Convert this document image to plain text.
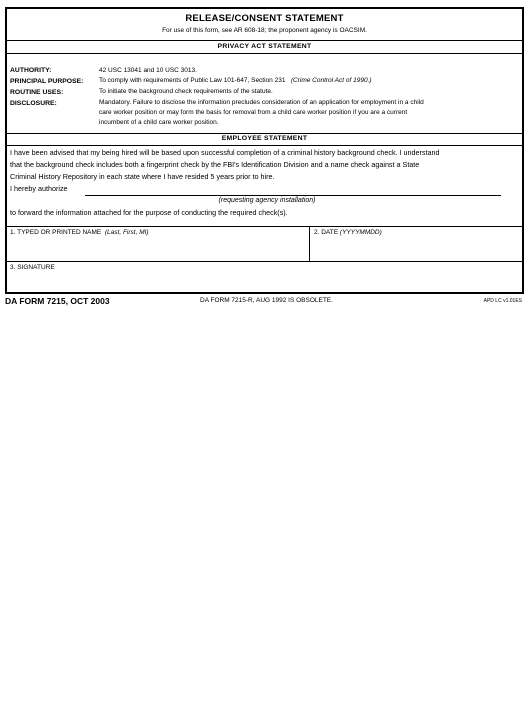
RELEASE/CONSENT STATEMENT
For use of this form, see AR 608-18; the proponent agency is OACSIM.
PRIVACY ACT STATEMENT
AUTHORITY:	42 USC 13041 and 10 USC 3013.
PRINCIPAL PURPOSE: To comply with requirements of Public Law 101-647, Section 231 (Crime Control Act of 1990.)
ROUTINE USES:	To initiate the background check requirements of the statute.
DISCLOSURE:	Mandatory. Failure to disclose the information precludes consideration of an application for employment in a child
care worker position or may form the basis for removal from a child care worker position if you are a current
incumbent of a child care worker position.
EMPLOYEE STATEMENT
I have been advised that my being hired will be based upon successful completion of a criminal history background check. I understand
that the background check includes both a fingerprint check by the FBI's Identification Division and a name check against a State
Criminal History Repository in each state where I have resided 5 years prior to hire.
I hereby authorize
(requesting agency installation)
to forward the information attached for the purpose of conducting the required check(s).
1. TYPED OR PRINTED NAME (Last, First, MI)	2. DATE (YYYYMMDD)
3. SIGNATURE
DA FORM 7215, OCT 2003	DA FORM 7215-R, AUG 1992 IS OBSOLETE.	APD LC v1.01ES
